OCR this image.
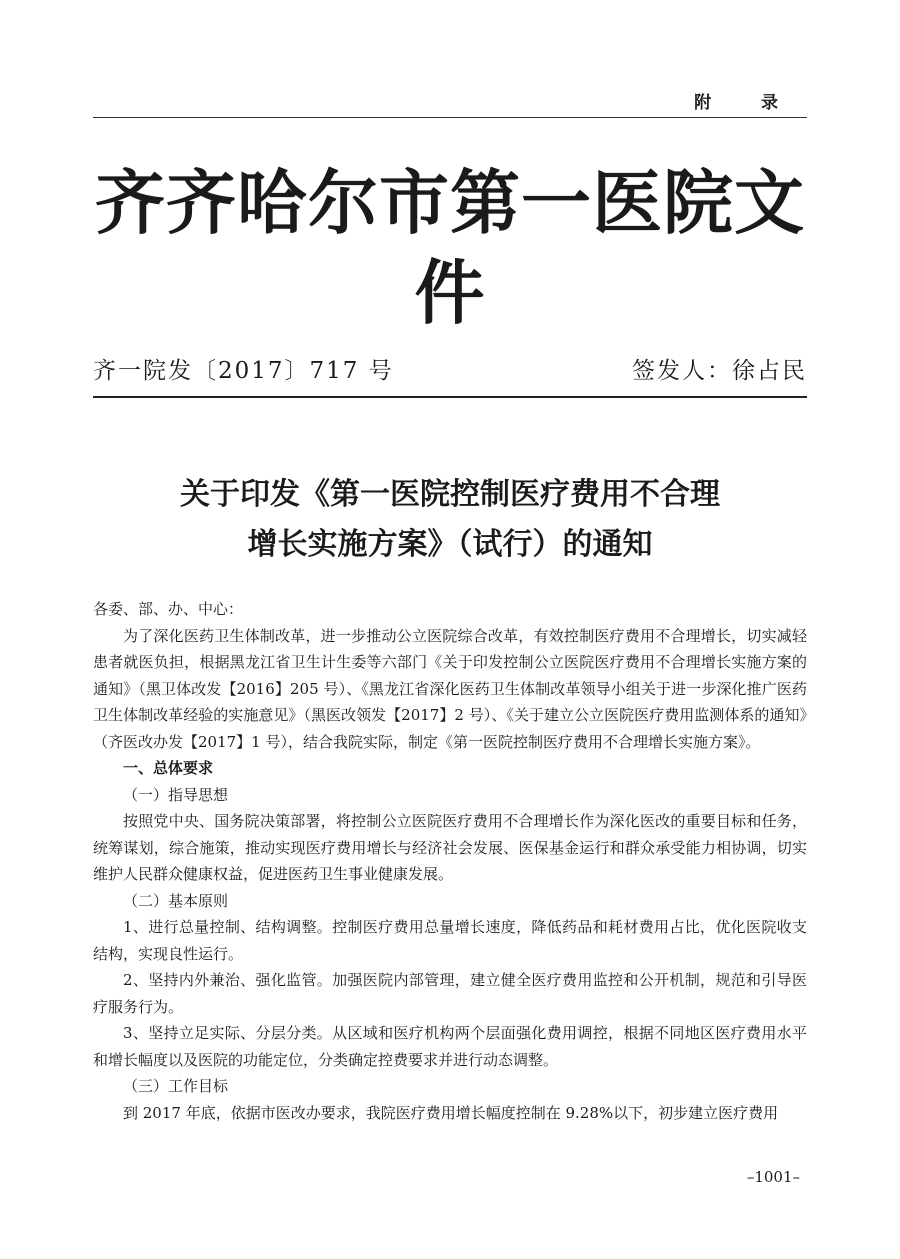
附 录
齐齐哈尔市第一医院文件
齐一院发〔2017〕717 号	签发人：徐占民
关于印发《第一医院控制医疗费用不合理
增长实施方案》（试行）的通知

各委、部、办、中心：

为了深化医药卫生体制改革，进一步推动公立医院综合改革，有效控制医疗费用不合理增长，切实减轻患者就医负担，根据黑龙江省卫生计生委等六部门《关于印发控制公立医院医疗费用不合理增长实施方案的通知》（黑卫体改发【2016】205 号）、《黑龙江省深化医药卫生体制改革领导小组关于进一步深化推广医药卫生体制改革经验的实施意见》（黑医改领发【2017】2 号）、《关于建立公立医院医疗费用监测体系的通知》（齐医改办发【2017】1 号），结合我院实际，制定《第一医院控制医疗费用不合理增长实施方案》。

一、总体要求

（一）指导思想

按照党中央、国务院决策部署，将控制公立医院医疗费用不合理增长作为深化医改的重要目标和任务，统筹谋划，综合施策，推动实现医疗费用增长与经济社会发展、医保基金运行和群众承受能力相协调，切实维护人民群众健康权益，促进医药卫生事业健康发展。

（二）基本原则

1、进行总量控制、结构调整。控制医疗费用总量增长速度，降低药品和耗材费用占比，优化医院收支结构，实现良性运行。

2、坚持内外兼治、强化监管。加强医院内部管理，建立健全医疗费用监控和公开机制，规范和引导医疗服务行为。

3、坚持立足实际、分层分类。从区域和医疗机构两个层面强化费用调控，根据不同地区医疗费用水平和增长幅度以及医院的功能定位，分类确定控费要求并进行动态调整。

（三）工作目标

到 2017 年底，依据市医改办要求，我院医疗费用增长幅度控制在 9.28%以下，初步建立医疗费用

–1001–
